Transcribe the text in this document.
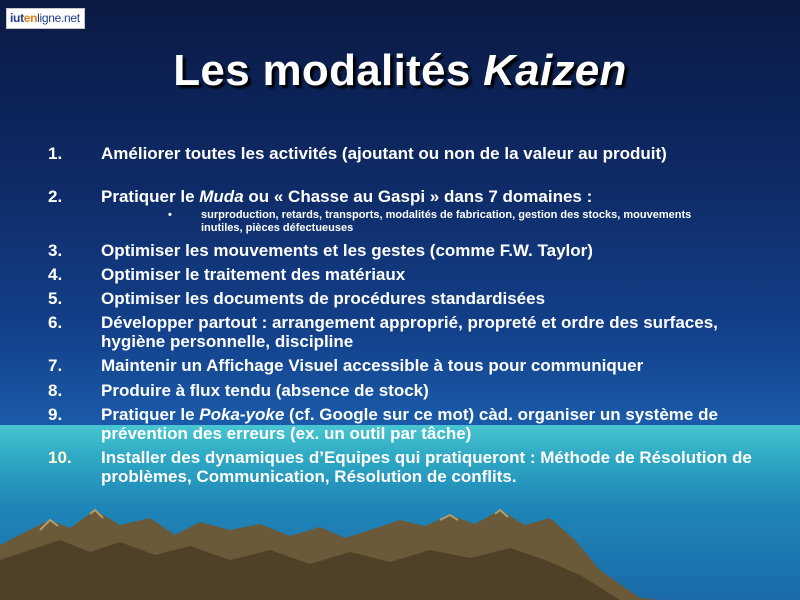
iutenligne.net
Les modalités Kaizen
1.	Améliorer toutes les activités (ajoutant ou non de la valeur au produit)
2.	Pratiquer le Muda ou « Chasse au Gaspi » dans 7 domaines :
•	surproduction, retards, transports, modalités de fabrication, gestion des stocks, mouvements inutiles, pièces défectueuses
3.	Optimiser les mouvements et les gestes (comme F.W. Taylor)
4.	Optimiser le traitement des matériaux
5.	Optimiser les documents de procédures standardisées
6.	Développer partout : arrangement approprié, propreté et ordre des surfaces, hygiène personnelle, discipline
7.	Maintenir un Affichage Visuel accessible à tous pour communiquer
8.	Produire à flux tendu (absence de stock)
9.	Pratiquer le Poka-yoke (cf. Google sur ce mot) càd. organiser un système de prévention des erreurs (ex. un outil par tâche)
10.	Installer des dynamiques d’Equipes qui pratiqueront : Méthode de Résolution de problèmes, Communication, Résolution de conflits.
